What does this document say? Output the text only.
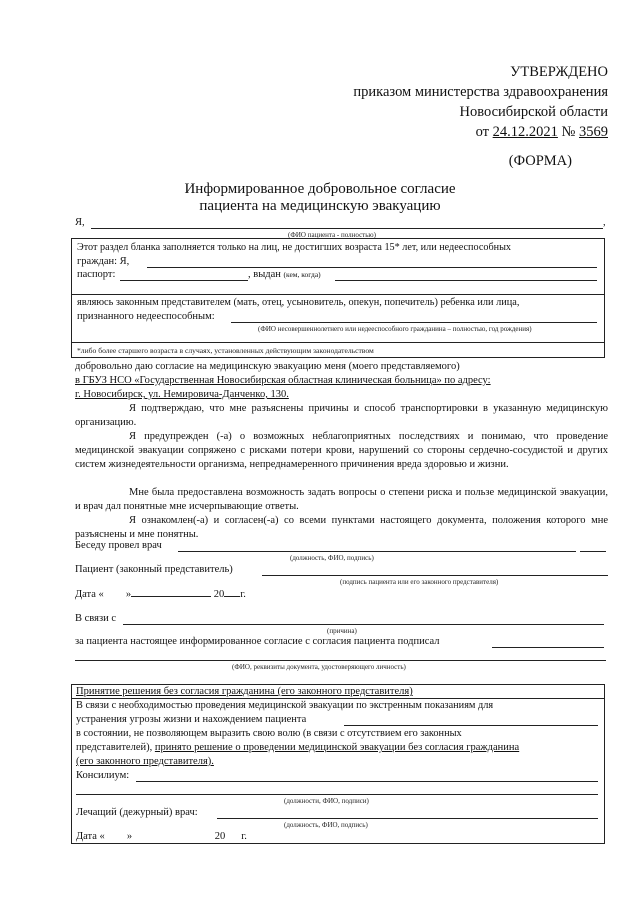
УТВЕРЖДЕНО
приказом министерства здравоохранения
Новосибирской области
от 24.12.2021 № 3569
(ФОРМА)
Информированное добровольное согласие
пациента на медицинскую эвакуацию
Я,	,
(ФИО пациента - полностью)
Этот раздел бланка заполняется только на лиц, не достигших возраста 15* лет, или недееспособных
граждан: Я,
паспорт:	, выдан (кем, когда)
являюсь законным представителем (мать, отец, усыновитель, опекун, попечитель) ребенка или лица,
признанного недееспособным:
(ФИО несовершеннолетнего или недееспособного гражданина – полностью, год рождения)
*либо более старшего возраста в случаях, установленных действующим законодательством
добровольно даю согласие на медицинскую эвакуацию меня (моего представляемого)
в ГБУЗ НСО «Государственная Новосибирская областная клиническая больница» по адресу:
г. Новосибирск, ул. Немировича-Данченко, 130.
Я подтверждаю, что мне разъяснены причины и способ транспортировки в указанную медицинскую организацию.
Я предупрежден (-а) о возможных неблагоприятных последствиях и понимаю, что проведение медицинской эвакуации сопряжено с рисками потери крови, нарушений со стороны сердечно-сосудистой и других систем жизнедеятельности организма, непреднамеренного причинения вреда здоровью и жизни.
Мне была предоставлена возможность задать вопросы о степени риска и пользе медицинской эвакуации, и врач дал понятные мне исчерпывающие ответы.
Я ознакомлен(-а) и согласен(-а) со всеми пунктами настоящего документа, положения которого мне разъяснены и мне понятны.
Беседу провел врач
(должность, ФИО, подпись)
Пациент (законный представитель)
(подпись пациента или его законного представителя)
Дата « »	20 г.
В связи с
(причина)
за пациента настоящее информированное согласие с согласия пациента подписал
(ФИО, реквизиты документа, удостоверяющего личность)
Принятие решения без согласия гражданина (его законного представителя)
В связи с необходимостью проведения медицинской эвакуации по экстренным показаниям для
устранения угрозы жизни и нахождением пациента
в состоянии, не позволяющем выразить свою волю (в связи с отсутствием его законных
представителей), принято решение о проведении медицинской эвакуации без согласия гражданина
(его законного представителя).
Консилиум:
(должности, ФИО, подписи)
Лечащий (дежурный) врач:
(должность, ФИО, подпись)
Дата « »	20 г.
